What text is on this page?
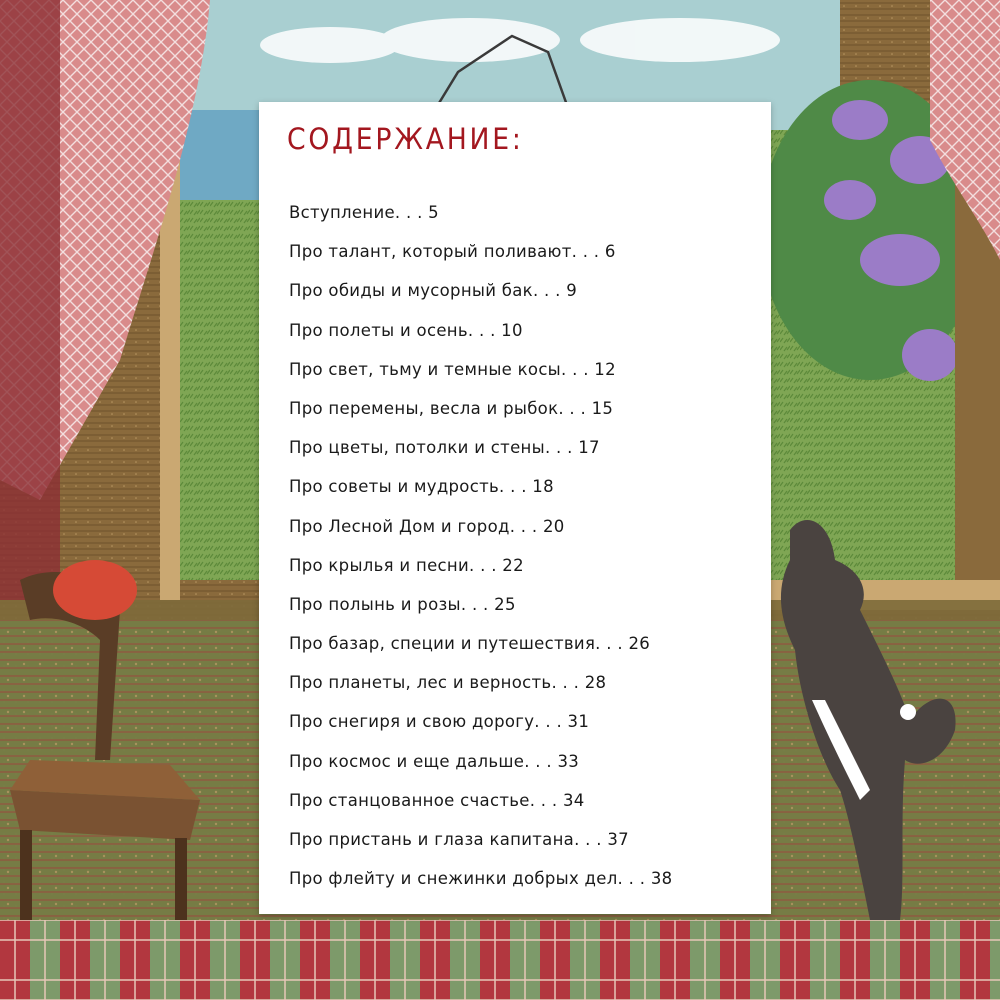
СОДЕРЖАНИЕ:
Вступление. . . 5
Про талант, который поливают. . . 6
Про обиды и мусорный бак. . . 9
Про полеты и осень. . . 10
Про свет, тьму и темные косы. . . 12
Про перемены, весла и рыбок. . . 15
Про цветы, потолки и стены. . . 17
Про советы и мудрость. . . 18
Про Лесной Дом и город. . . 20
Про крылья и песни. . . 22
Про полынь и розы. . . 25
Про базар, специи и путешествия. . . 26
Про планеты, лес и верность. . . 28
Про снегиря и свою дорогу. . . 31
Про космос и еще дальше. . . 33
Про станцованное счастье. . . 34
Про пристань и глаза капитана. . . 37
Про флейту и снежинки добрых дел. . . 38
